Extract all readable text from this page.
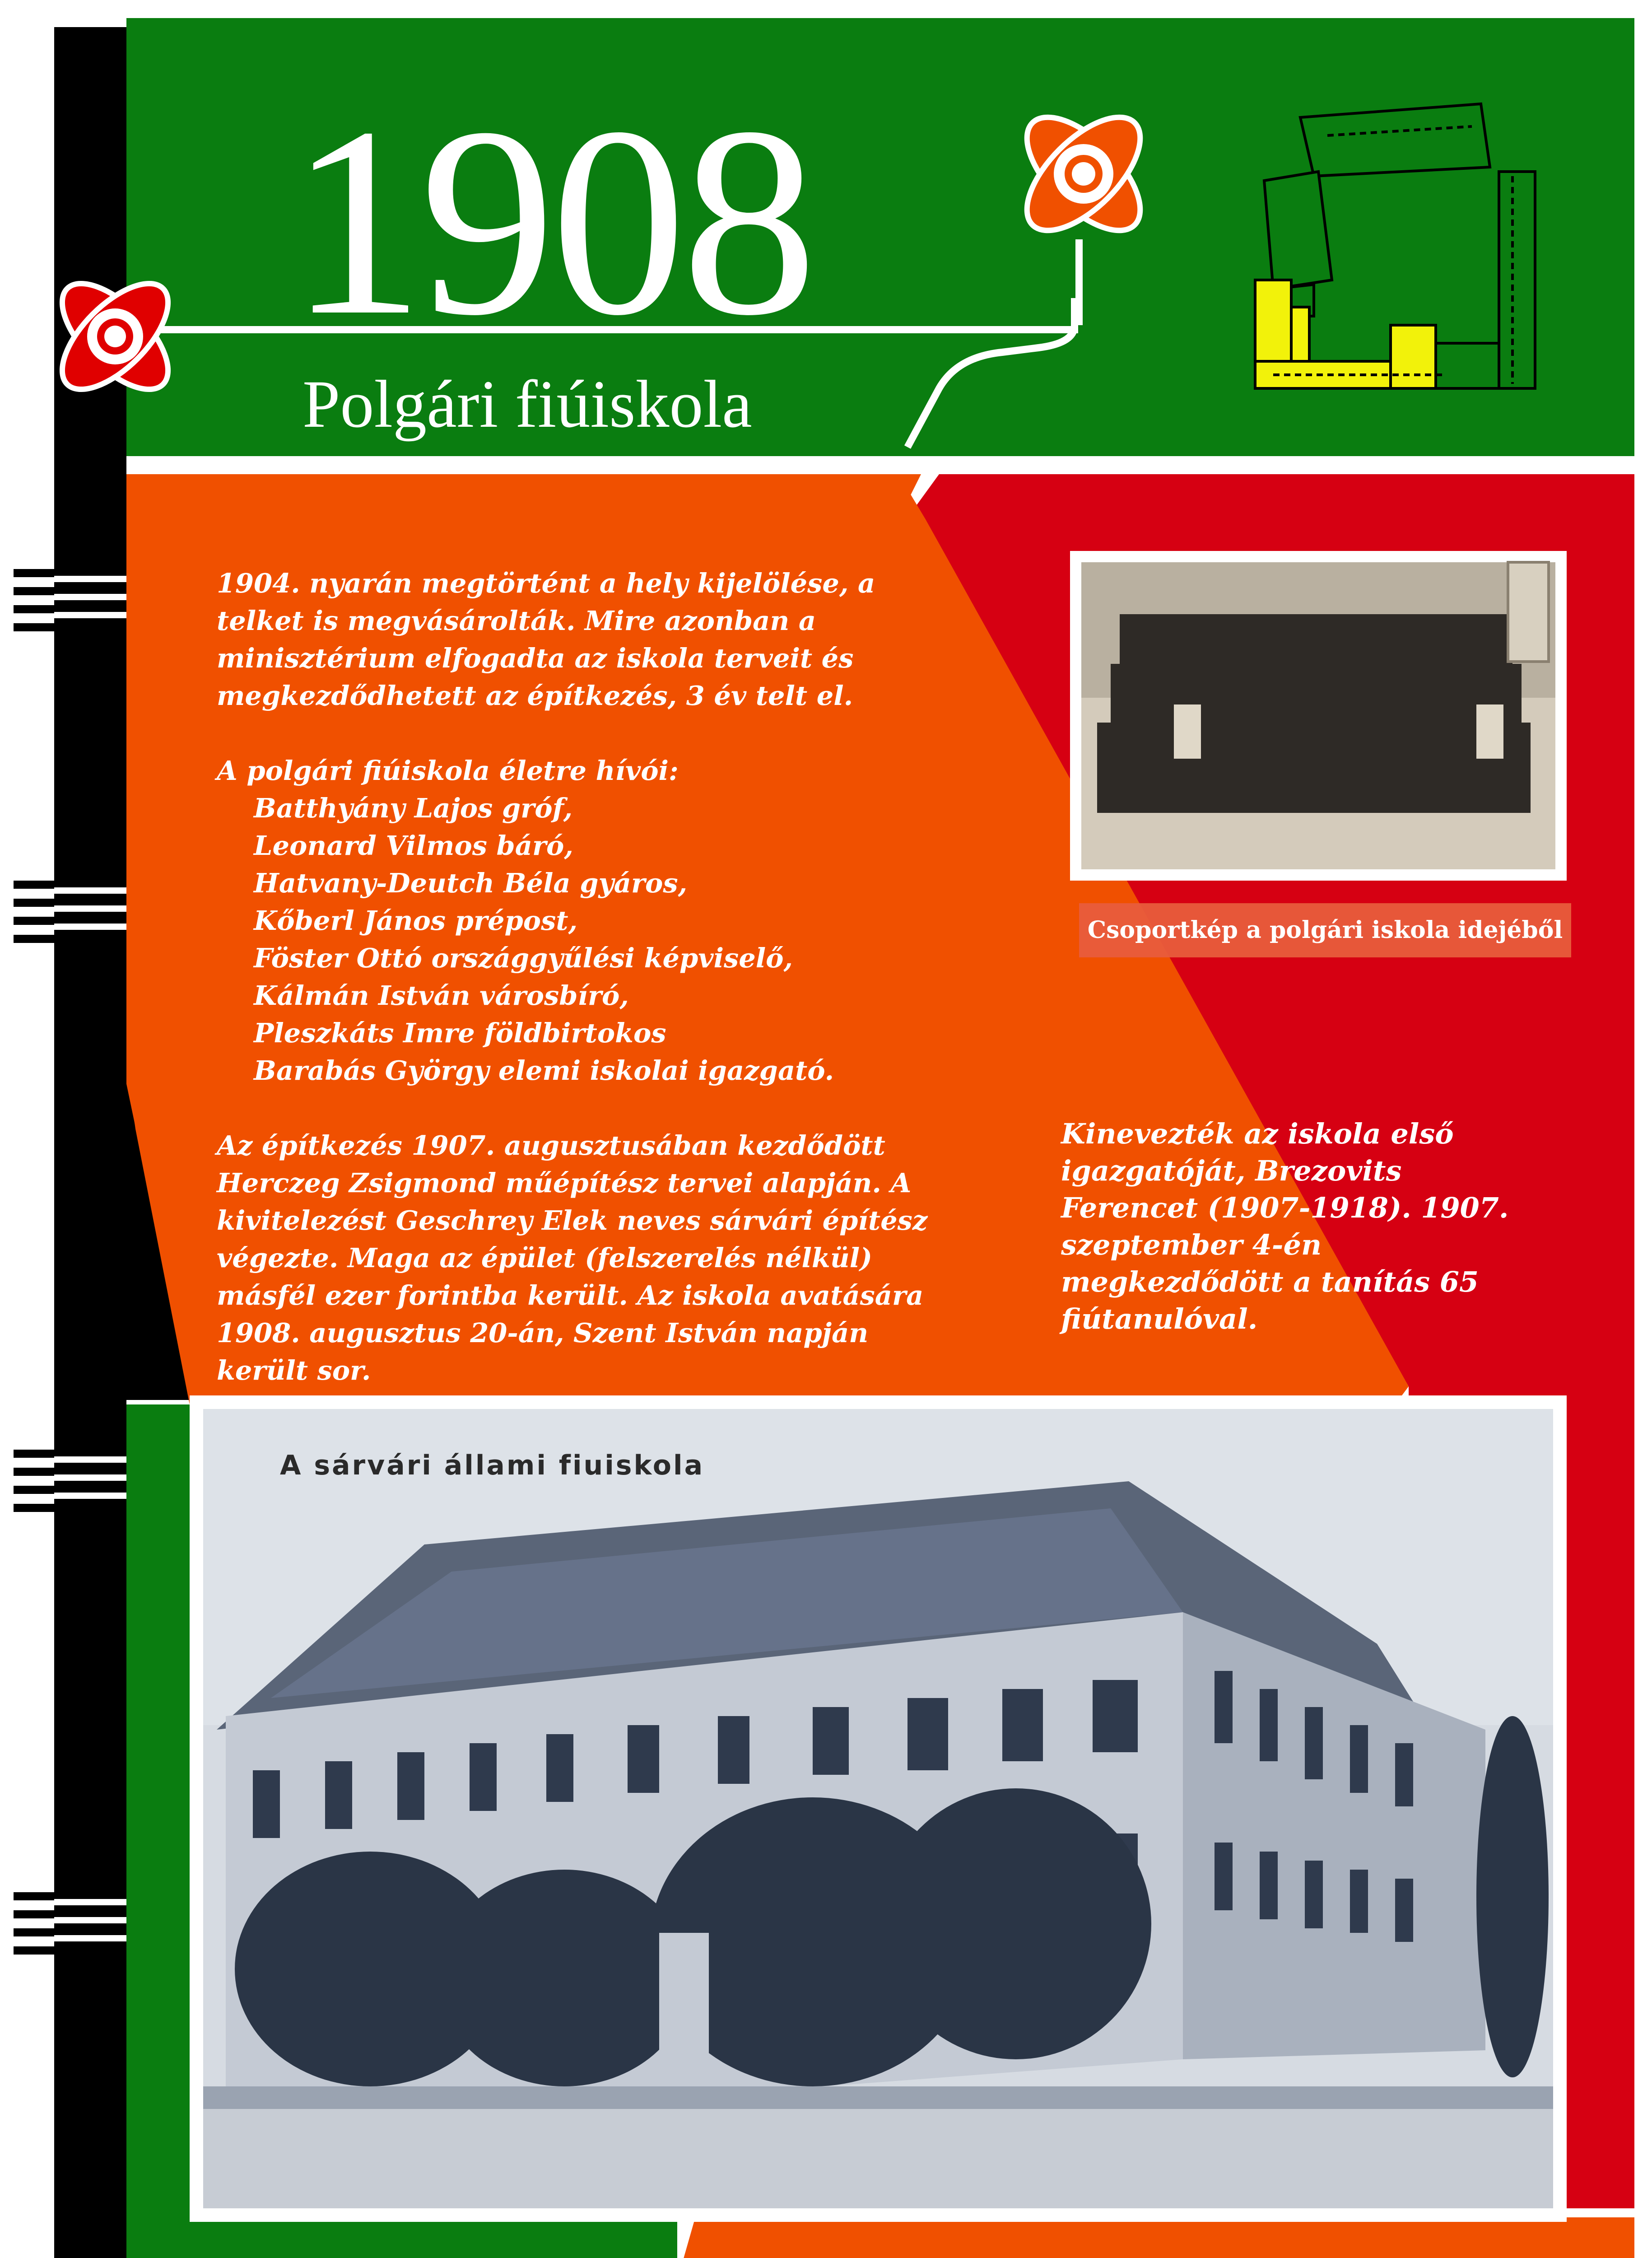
1908
Polgári fiúiskola

1904. nyarán megtörtént a hely kijelölése, a telket is megvásárolták. Mire azonban a minisztérium elfogadta az iskola terveit és megkezdődhetett az építkezés, 3 év telt el.

A polgári fiúiskola életre hívói:
Batthyány Lajos gróf,
Leonard Vilmos báró,
Hatvany-Deutch Béla gyáros,
Kőberl János prépost,
Föster Ottó országgyűlési képviselő,
Kálmán István városbíró,
Pleszkáts Imre földbirtokos
Barabás György elemi iskolai igazgató.

Az építkezés 1907. augusztusában kezdődött Herczeg Zsigmond műépítész tervei alapján. A kivitelezést Geschrey Elek neves sárvári építész végezte. Maga az épület (felszerelés nélkül) másfél ezer forintba került. Az iskola avatására 1908. augusztus 20-án, Szent István napján került sor.

Csoportkép a polgári iskola idejéből
Kinevezték az iskola első igazgatóját, Brezovits Ferencet (1907-1918). 1907. szeptember 4-én megkezdődött a tanítás 65 fiútanulóval.
A sárvári állami fiuiskola
